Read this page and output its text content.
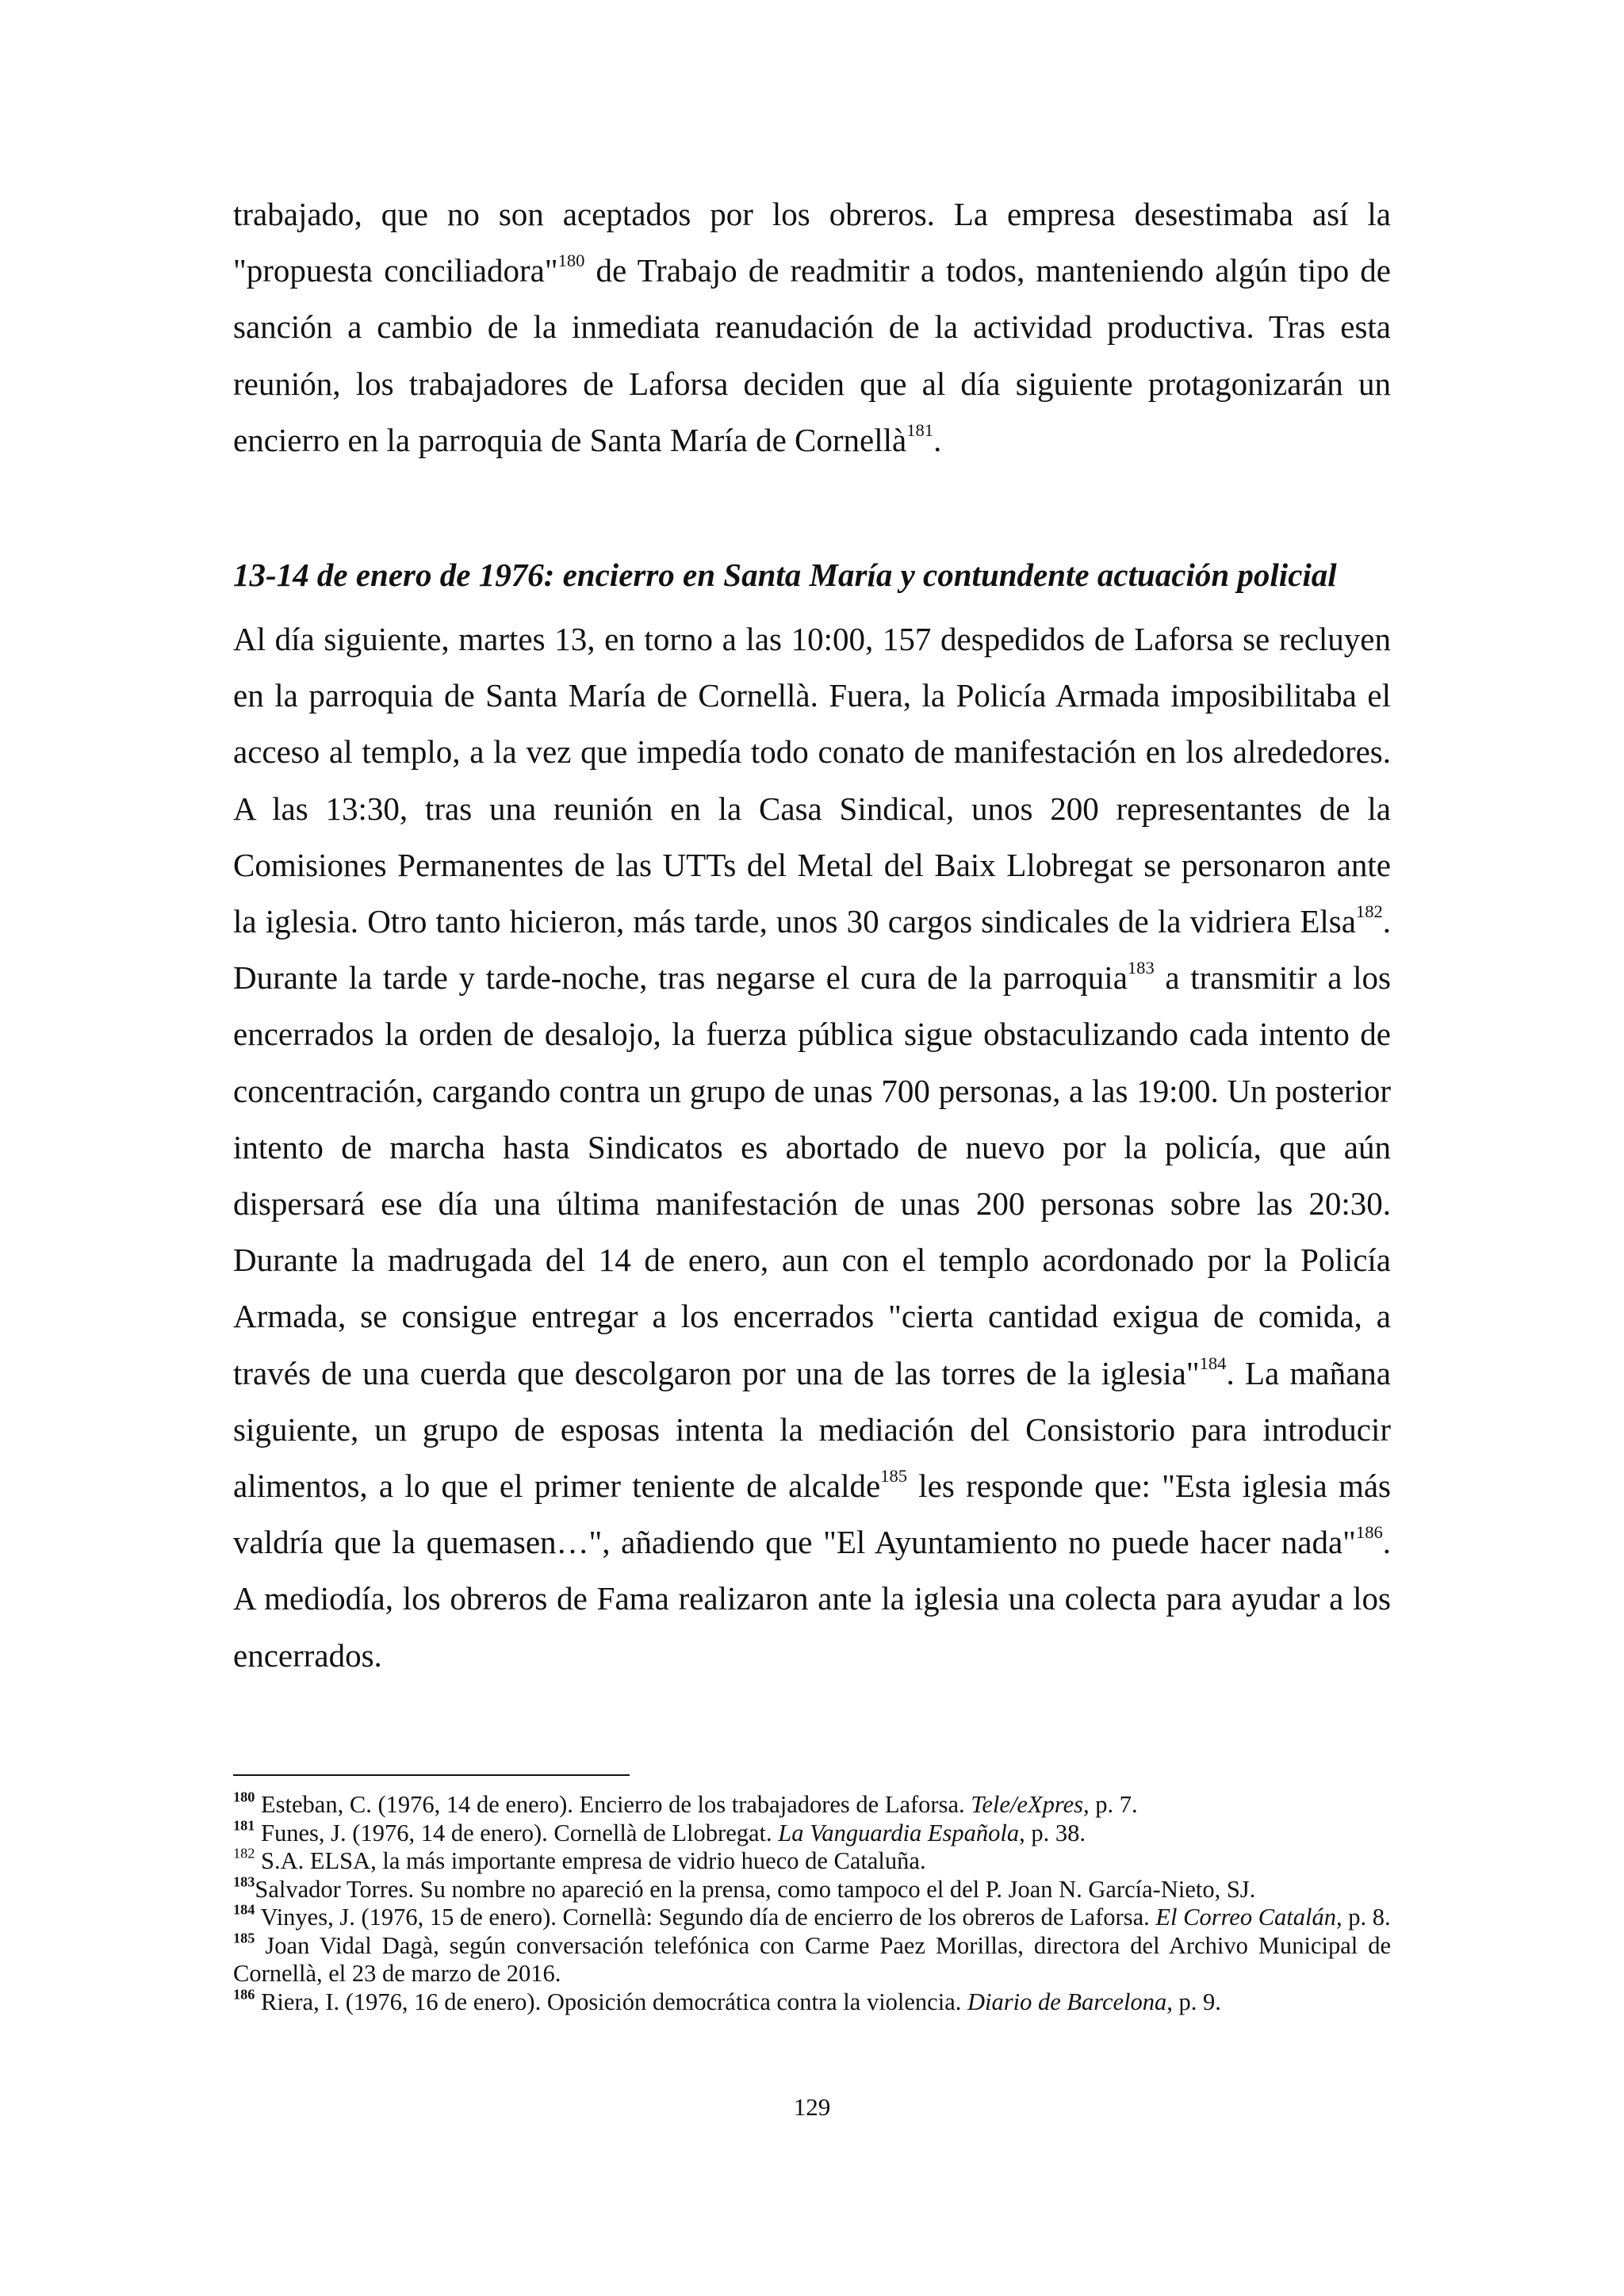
trabajado, que no son aceptados por los obreros. La empresa desestimaba así la "propuesta conciliadora"$^{180}$ de Trabajo de readmitir a todos, manteniendo algún tipo de sanción a cambio de la inmediata reanudación de la actividad productiva. Tras esta reunión, los trabajadores de Laforsa deciden que al día siguiente protagonizarán un encierro en la parroquia de Santa María de Cornellà$^{181}$.

13-14 de enero de 1976: encierro en Santa María y contundente actuación policial

Al día siguiente, martes 13, en torno a las 10:00, 157 despedidos de Laforsa se recluyen en la parroquia de Santa María de Cornellà. Fuera, la Policía Armada imposibilitaba el acceso al templo, a la vez que impedía todo conato de manifestación en los alrededores. A las 13:30, tras una reunión en la Casa Sindical, unos 200 representantes de la Comisiones Permanentes de las UTTs del Metal del Baix Llobregat se personaron ante la iglesia. Otro tanto hicieron, más tarde, unos 30 cargos sindicales de la vidriera Elsa$^{182}$. Durante la tarde y tarde-noche, tras negarse el cura de la parroquia$^{183}$ a transmitir a los encerrados la orden de desalojo, la fuerza pública sigue obstaculizando cada intento de concentración, cargando contra un grupo de unas 700 personas, a las 19:00. Un posterior intento de marcha hasta Sindicatos es abortado de nuevo por la policía, que aún dispersará ese día una última manifestación de unas 200 personas sobre las 20:30. Durante la madrugada del 14 de enero, aun con el templo acordonado por la Policía Armada, se consigue entregar a los encerrados "cierta cantidad exigua de comida, a través de una cuerda que descolgaron por una de las torres de la iglesia"$^{184}$. La mañana siguiente, un grupo de esposas intenta la mediación del Consistorio para introducir alimentos, a lo que el primer teniente de alcalde$^{185}$ les responde que: "Esta iglesia más valdría que la quemasen…", añadiendo que "El Ayuntamiento no puede hacer nada"$^{186}$. A mediodía, los obreros de Fama realizaron ante la iglesia una colecta para ayudar a los encerrados.

$^{180}$ Esteban, C. (1976, 14 de enero). Encierro de los trabajadores de Laforsa. Tele/eXpres, p. 7.

$^{181}$ Funes, J. (1976, 14 de enero). Cornellà de Llobregat. La Vanguardia Española, p. 38.

$^{182}$ S.A. ELSA, la más importante empresa de vidrio hueco de Cataluña.

$^{183}$Salvador Torres. Su nombre no apareció en la prensa, como tampoco el del P. Joan N. García-Nieto, SJ.

$^{184}$ Vinyes, J. (1976, 15 de enero). Cornellà: Segundo día de encierro de los obreros de Laforsa. El Correo Catalán, p. 8.

$^{185}$ Joan Vidal Dagà, según conversación telefónica con Carme Paez Morillas, directora del Archivo Municipal de Cornellà, el 23 de marzo de 2016.

$^{186}$ Riera, I. (1976, 16 de enero). Oposición democrática contra la violencia. Diario de Barcelona, p. 9.

129
